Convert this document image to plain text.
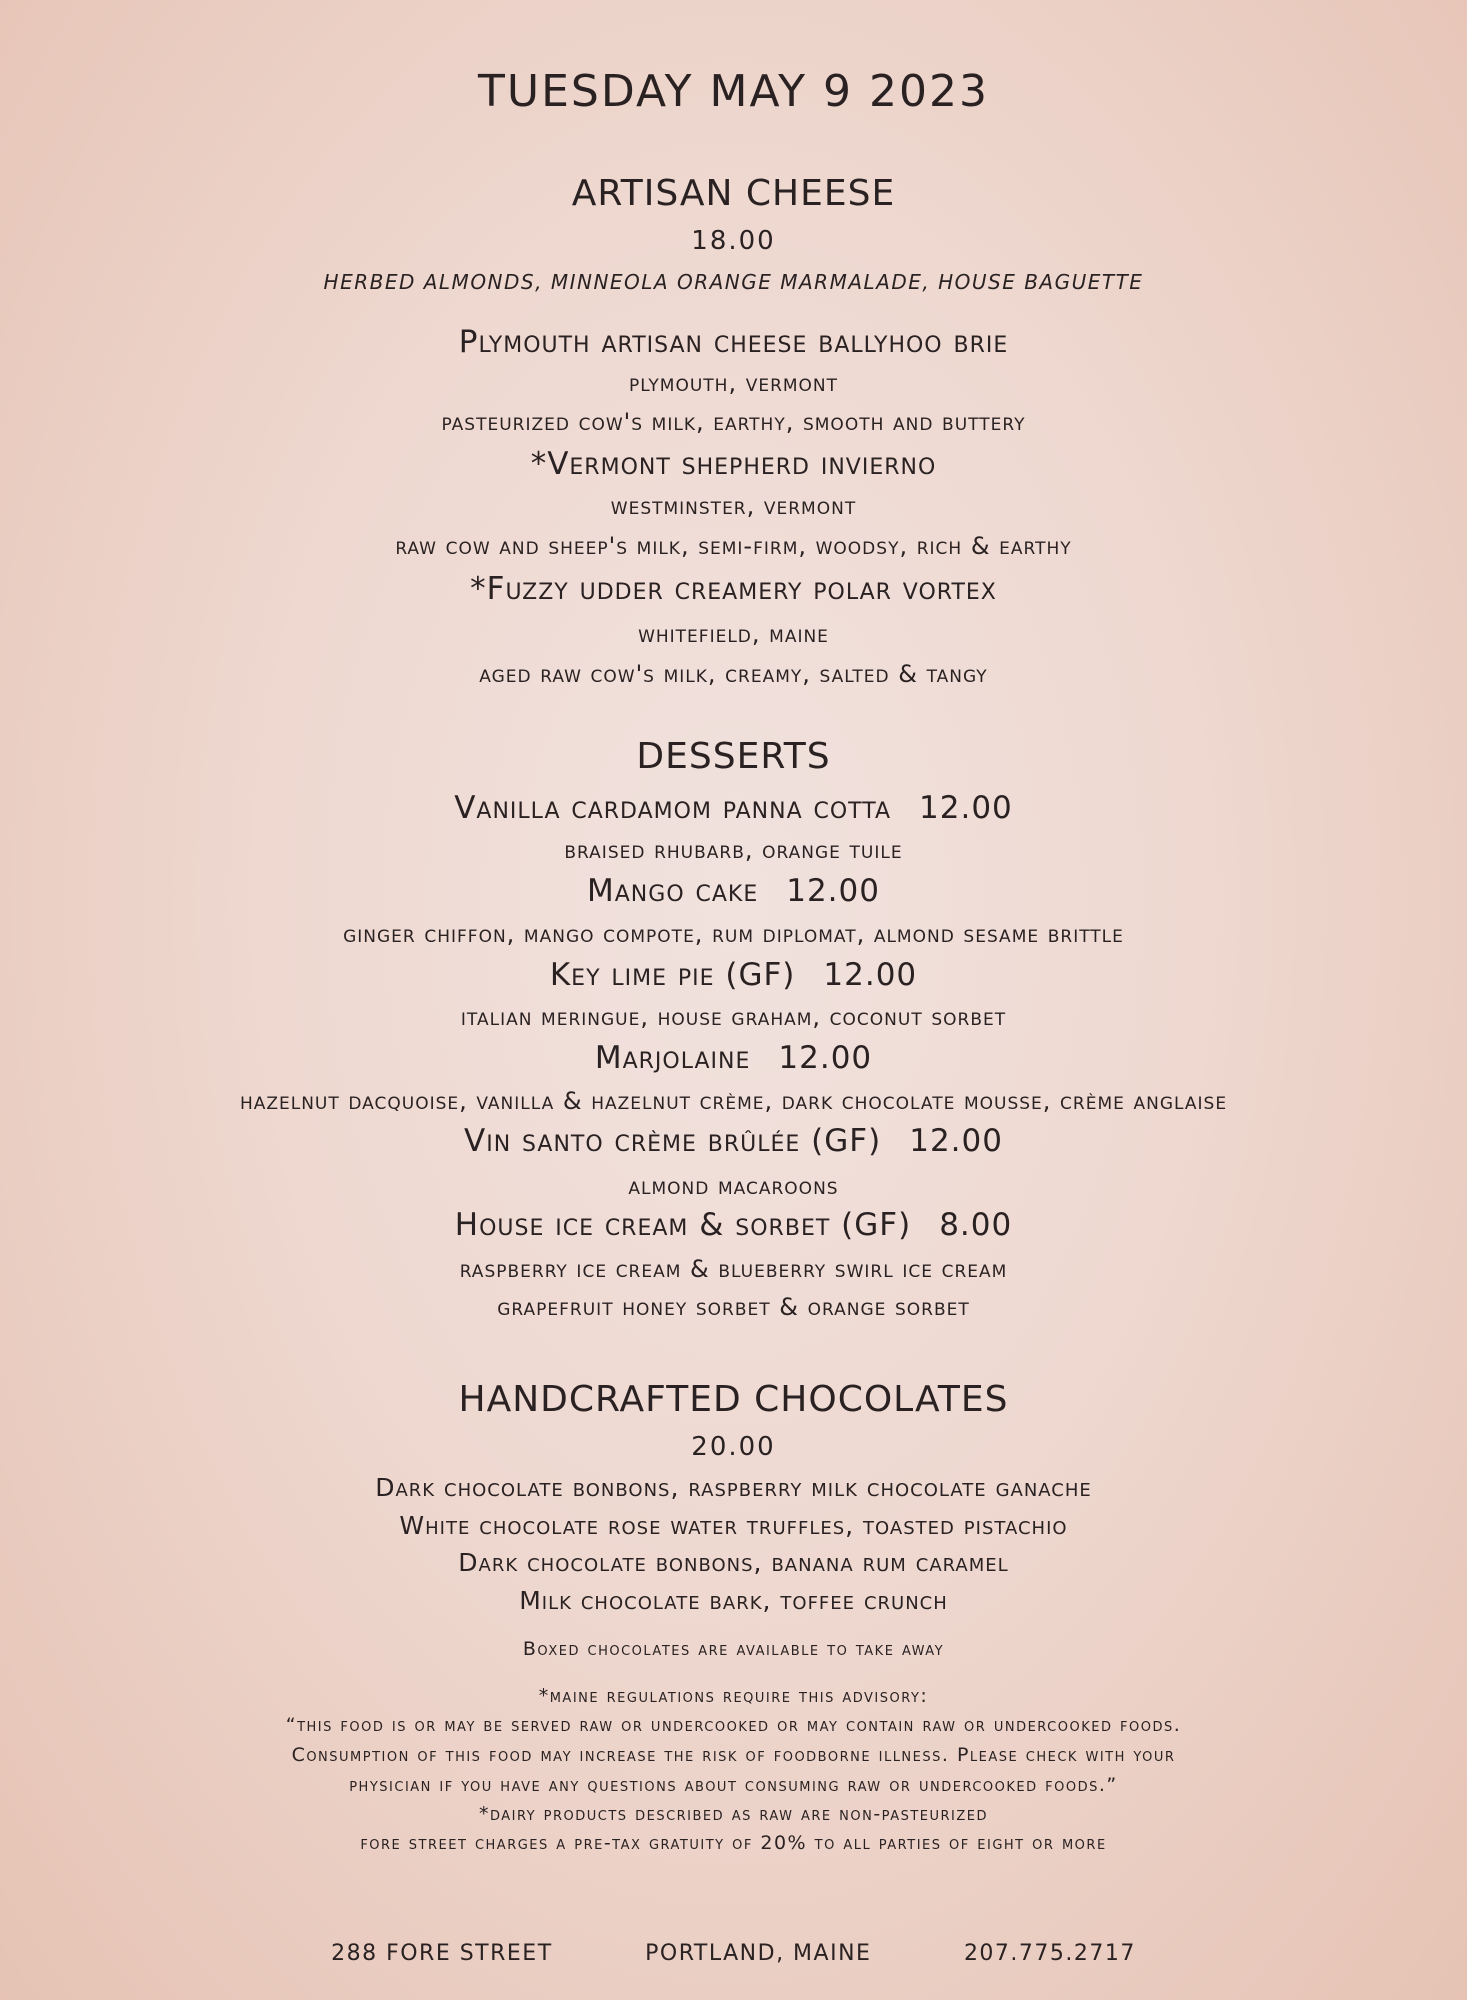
TUESDAY MAY 9 2023
ARTISAN CHEESE
18.00
HERBED ALMONDS, MINNEOLA ORANGE MARMALADE, HOUSE BAGUETTE
Plymouth artisan cheese ballyhoo brie
plymouth, vermont
pasteurized cow's milk, earthy, smooth and buttery
*Vermont shepherd invierno
westminster, vermont
raw cow and sheep's milk, semi-firm, woodsy, rich & earthy
*Fuzzy udder creamery polar vortex
whitefield, maine
aged raw cow's milk, creamy, salted & tangy
DESSERTS
Vanilla cardamom panna cotta 12.00
braised rhubarb, orange tuile
Mango cake 12.00
ginger chiffon, mango compote, rum diplomat, almond sesame brittle
Key lime pie (GF) 12.00
italian meringue, house graham, coconut sorbet
Marjolaine 12.00
hazelnut dacquoise, vanilla & hazelnut crème, dark chocolate mousse, crème anglaise
Vin santo crème brûlée (GF) 12.00
almond macaroons
House ice cream & sorbet (GF) 8.00
raspberry ice cream & blueberry swirl ice cream
grapefruit honey sorbet & orange sorbet
HANDCRAFTED CHOCOLATES
20.00
Dark chocolate bonbons, raspberry milk chocolate ganache
White chocolate rose water truffles, toasted pistachio
Dark chocolate bonbons, banana rum caramel
Milk chocolate bark, toffee crunch
Boxed chocolates are available to take away
*maine regulations require this advisory:
“this food is or may be served raw or undercooked or may contain raw or undercooked foods.
Consumption of this food may increase the risk of foodborne illness. Please check with your
physician if you have any questions about consuming raw or undercooked foods.”
*dairy products described as raw are non-pasteurized
fore street charges a pre-tax gratuity of 20% to all parties of eight or more
288 FORE STREET	PORTLAND, MAINE	207.775.2717
